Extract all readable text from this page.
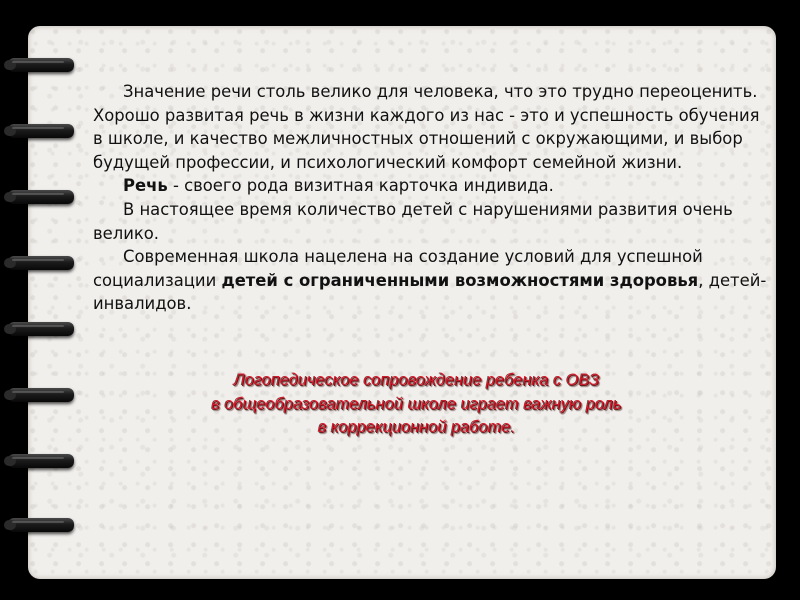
Значение речи столь велико для человека, что это трудно переоценить. Хорошо развитая речь в жизни каждого из нас - это и успешность обучения в школе, и качество межличностных отношений с окружающими, и выбор будущей профессии, и психологический комфорт семейной жизни.

Речь - своего рода визитная карточка индивида.

В настоящее время количество детей с нарушениями развития очень велико.

Современная школа нацелена на создание условий для успешной социализации детей с ограниченными возможностями здоровья, детей-инвалидов.

Логопедическое сопровождение ребенка с ОВЗ
в общеобразовательной школе играет важную роль
в коррекционной работе.
